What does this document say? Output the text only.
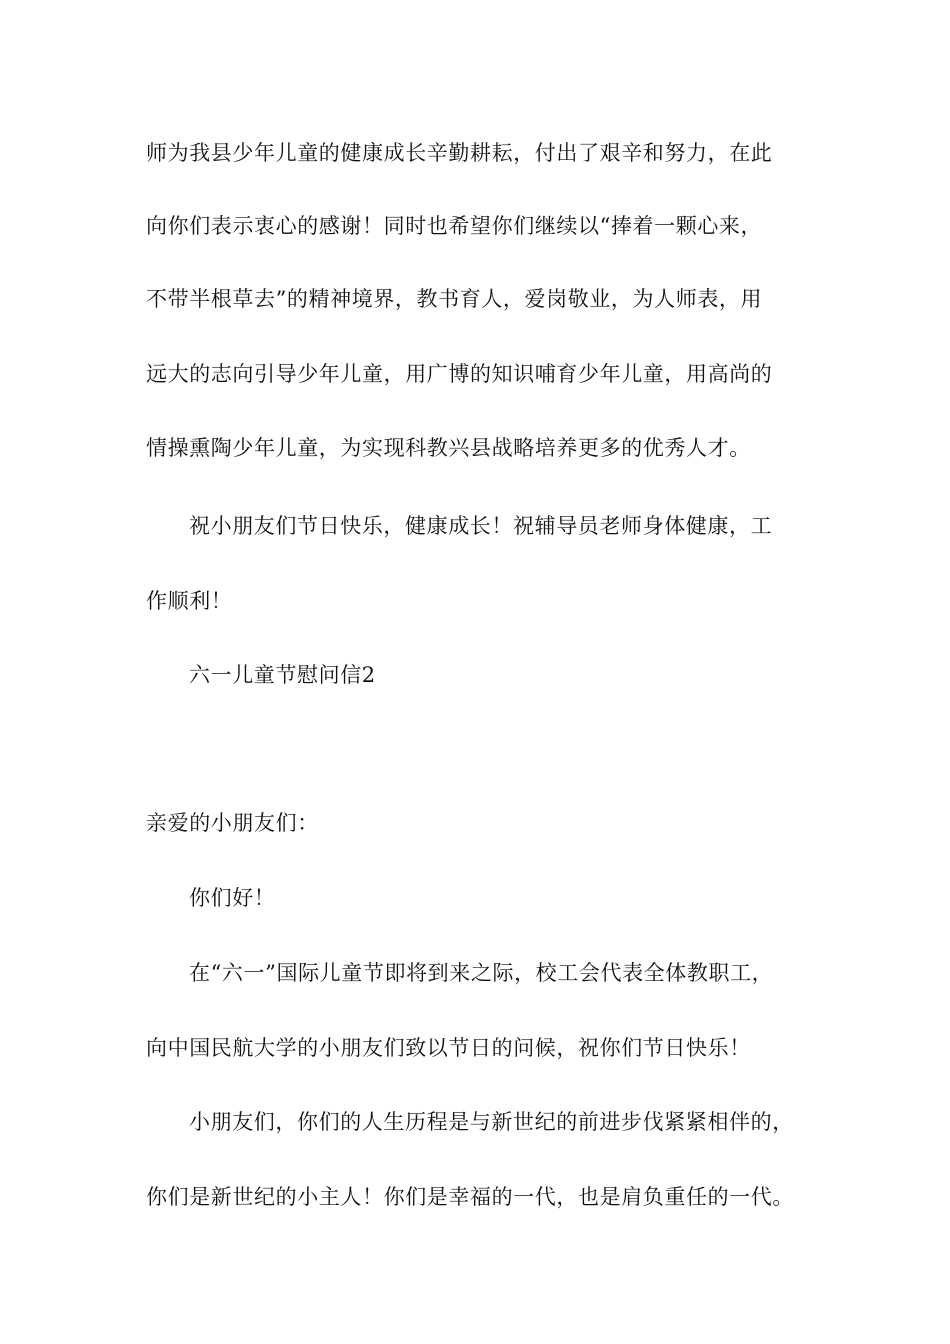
师为我县少年儿童的健康成长辛勤耕耘，付出了艰辛和努力，在此
向你们表示衷心的感谢！同时也希望你们继续以“捧着一颗心来，
不带半根草去”的精神境界，教书育人，爱岗敬业，为人师表，用
远大的志向引导少年儿童，用广博的知识哺育少年儿童，用高尚的
情操熏陶少年儿童，为实现科教兴县战略培养更多的优秀人才。
祝小朋友们节日快乐，健康成长！祝辅导员老师身体健康，工
作顺利！
六一儿童节慰问信2
亲爱的小朋友们：
你们好！
在“六一”国际儿童节即将到来之际，校工会代表全体教职工，
向中国民航大学的小朋友们致以节日的问候，祝你们节日快乐！
小朋友们，你们的人生历程是与新世纪的前进步伐紧紧相伴的，
你们是新世纪的小主人！你们是幸福的一代，也是肩负重任的一代。
